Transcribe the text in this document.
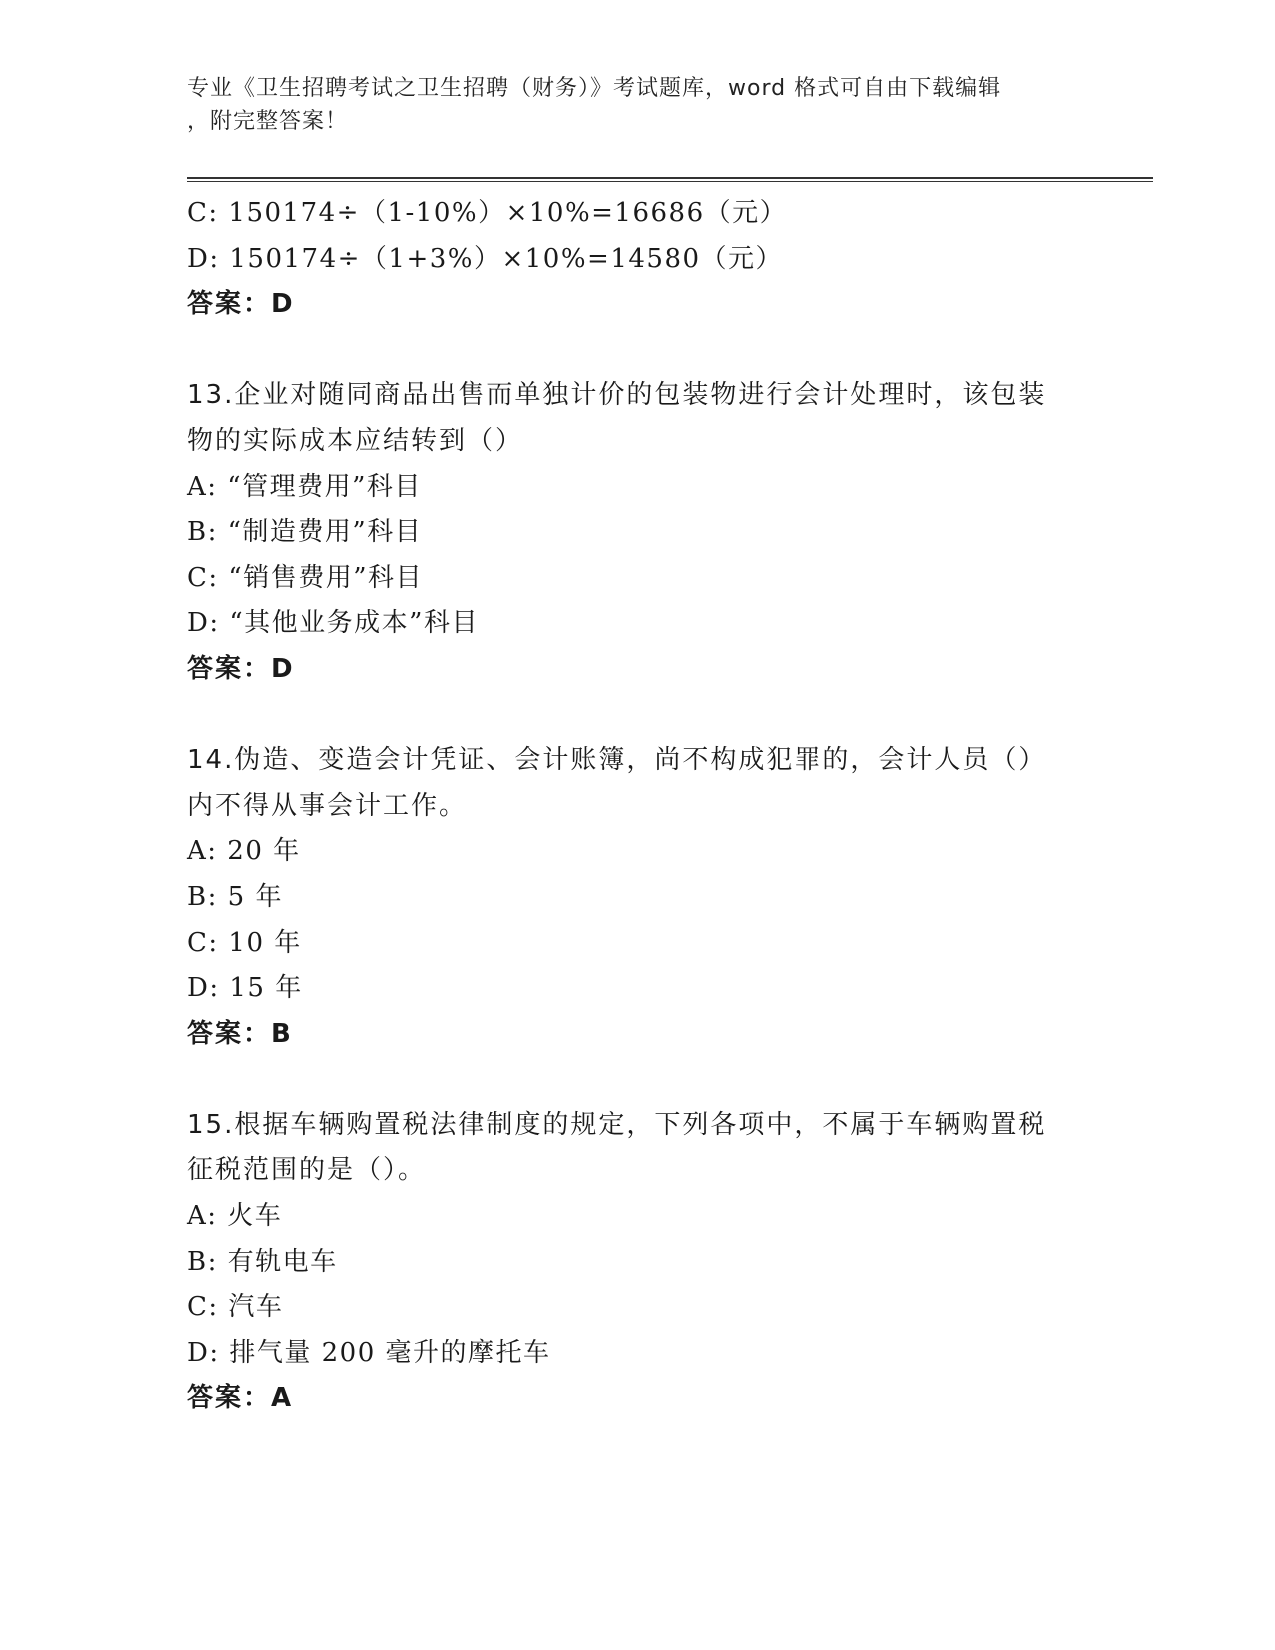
专业《卫生招聘考试之卫生招聘（财务）》考试题库，word 格式可自由下载编辑
，附完整答案！
C: 150174÷（1-10%）×10%=16686（元）
D: 150174÷（1+3%）×10%=14580（元）
答案：D
13.企业对随同商品出售而单独计价的包装物进行会计处理时，该包装
物的实际成本应结转到（）
A: “管理费用”科目
B: “制造费用”科目
C: “销售费用”科目
D: “其他业务成本”科目
答案：D
14.伪造、变造会计凭证、会计账簿，尚不构成犯罪的，会计人员（）
内不得从事会计工作。
A: 20 年
B: 5 年
C: 10 年
D: 15 年
答案：B
15.根据车辆购置税法律制度的规定，下列各项中，不属于车辆购置税
征税范围的是（）。
A: 火车
B: 有轨电车
C: 汽车
D: 排气量 200 毫升的摩托车
答案：A
